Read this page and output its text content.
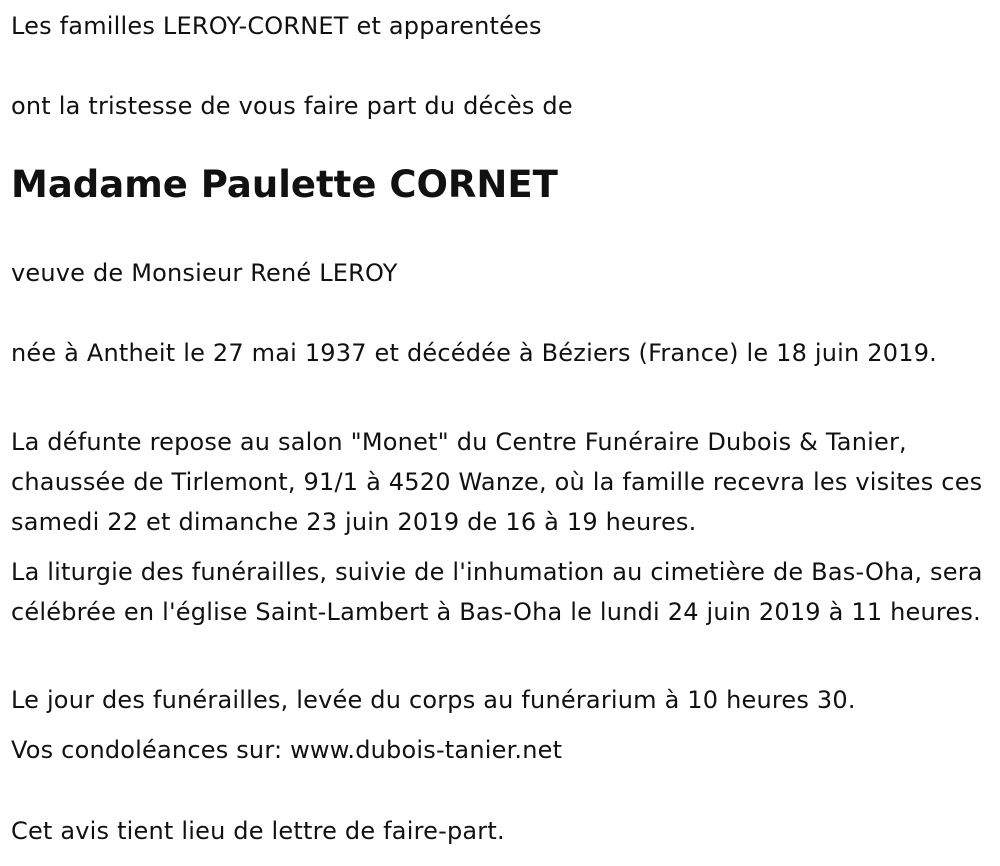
Les familles LEROY-CORNET et apparentées

ont la tristesse de vous faire part du décès de

Madame Paulette CORNET

veuve de Monsieur René LEROY

née à Antheit le 27 mai 1937 et décédée à Béziers (France) le 18 juin 2019.

La défunte repose au salon "Monet" du Centre Funéraire Dubois & Tanier, chaussée de Tirlemont, 91/1 à 4520 Wanze, où la famille recevra les visites ces samedi 22 et dimanche 23 juin 2019 de 16 à 19 heures.

La liturgie des funérailles, suivie de l'inhumation au cimetière de Bas-Oha, sera célébrée en l'église Saint-Lambert à Bas-Oha le lundi 24 juin 2019 à 11 heures.

Le jour des funérailles, levée du corps au funérarium à 10 heures 30.

Vos condoléances sur: www.dubois-tanier.net

Cet avis tient lieu de lettre de faire-part.
